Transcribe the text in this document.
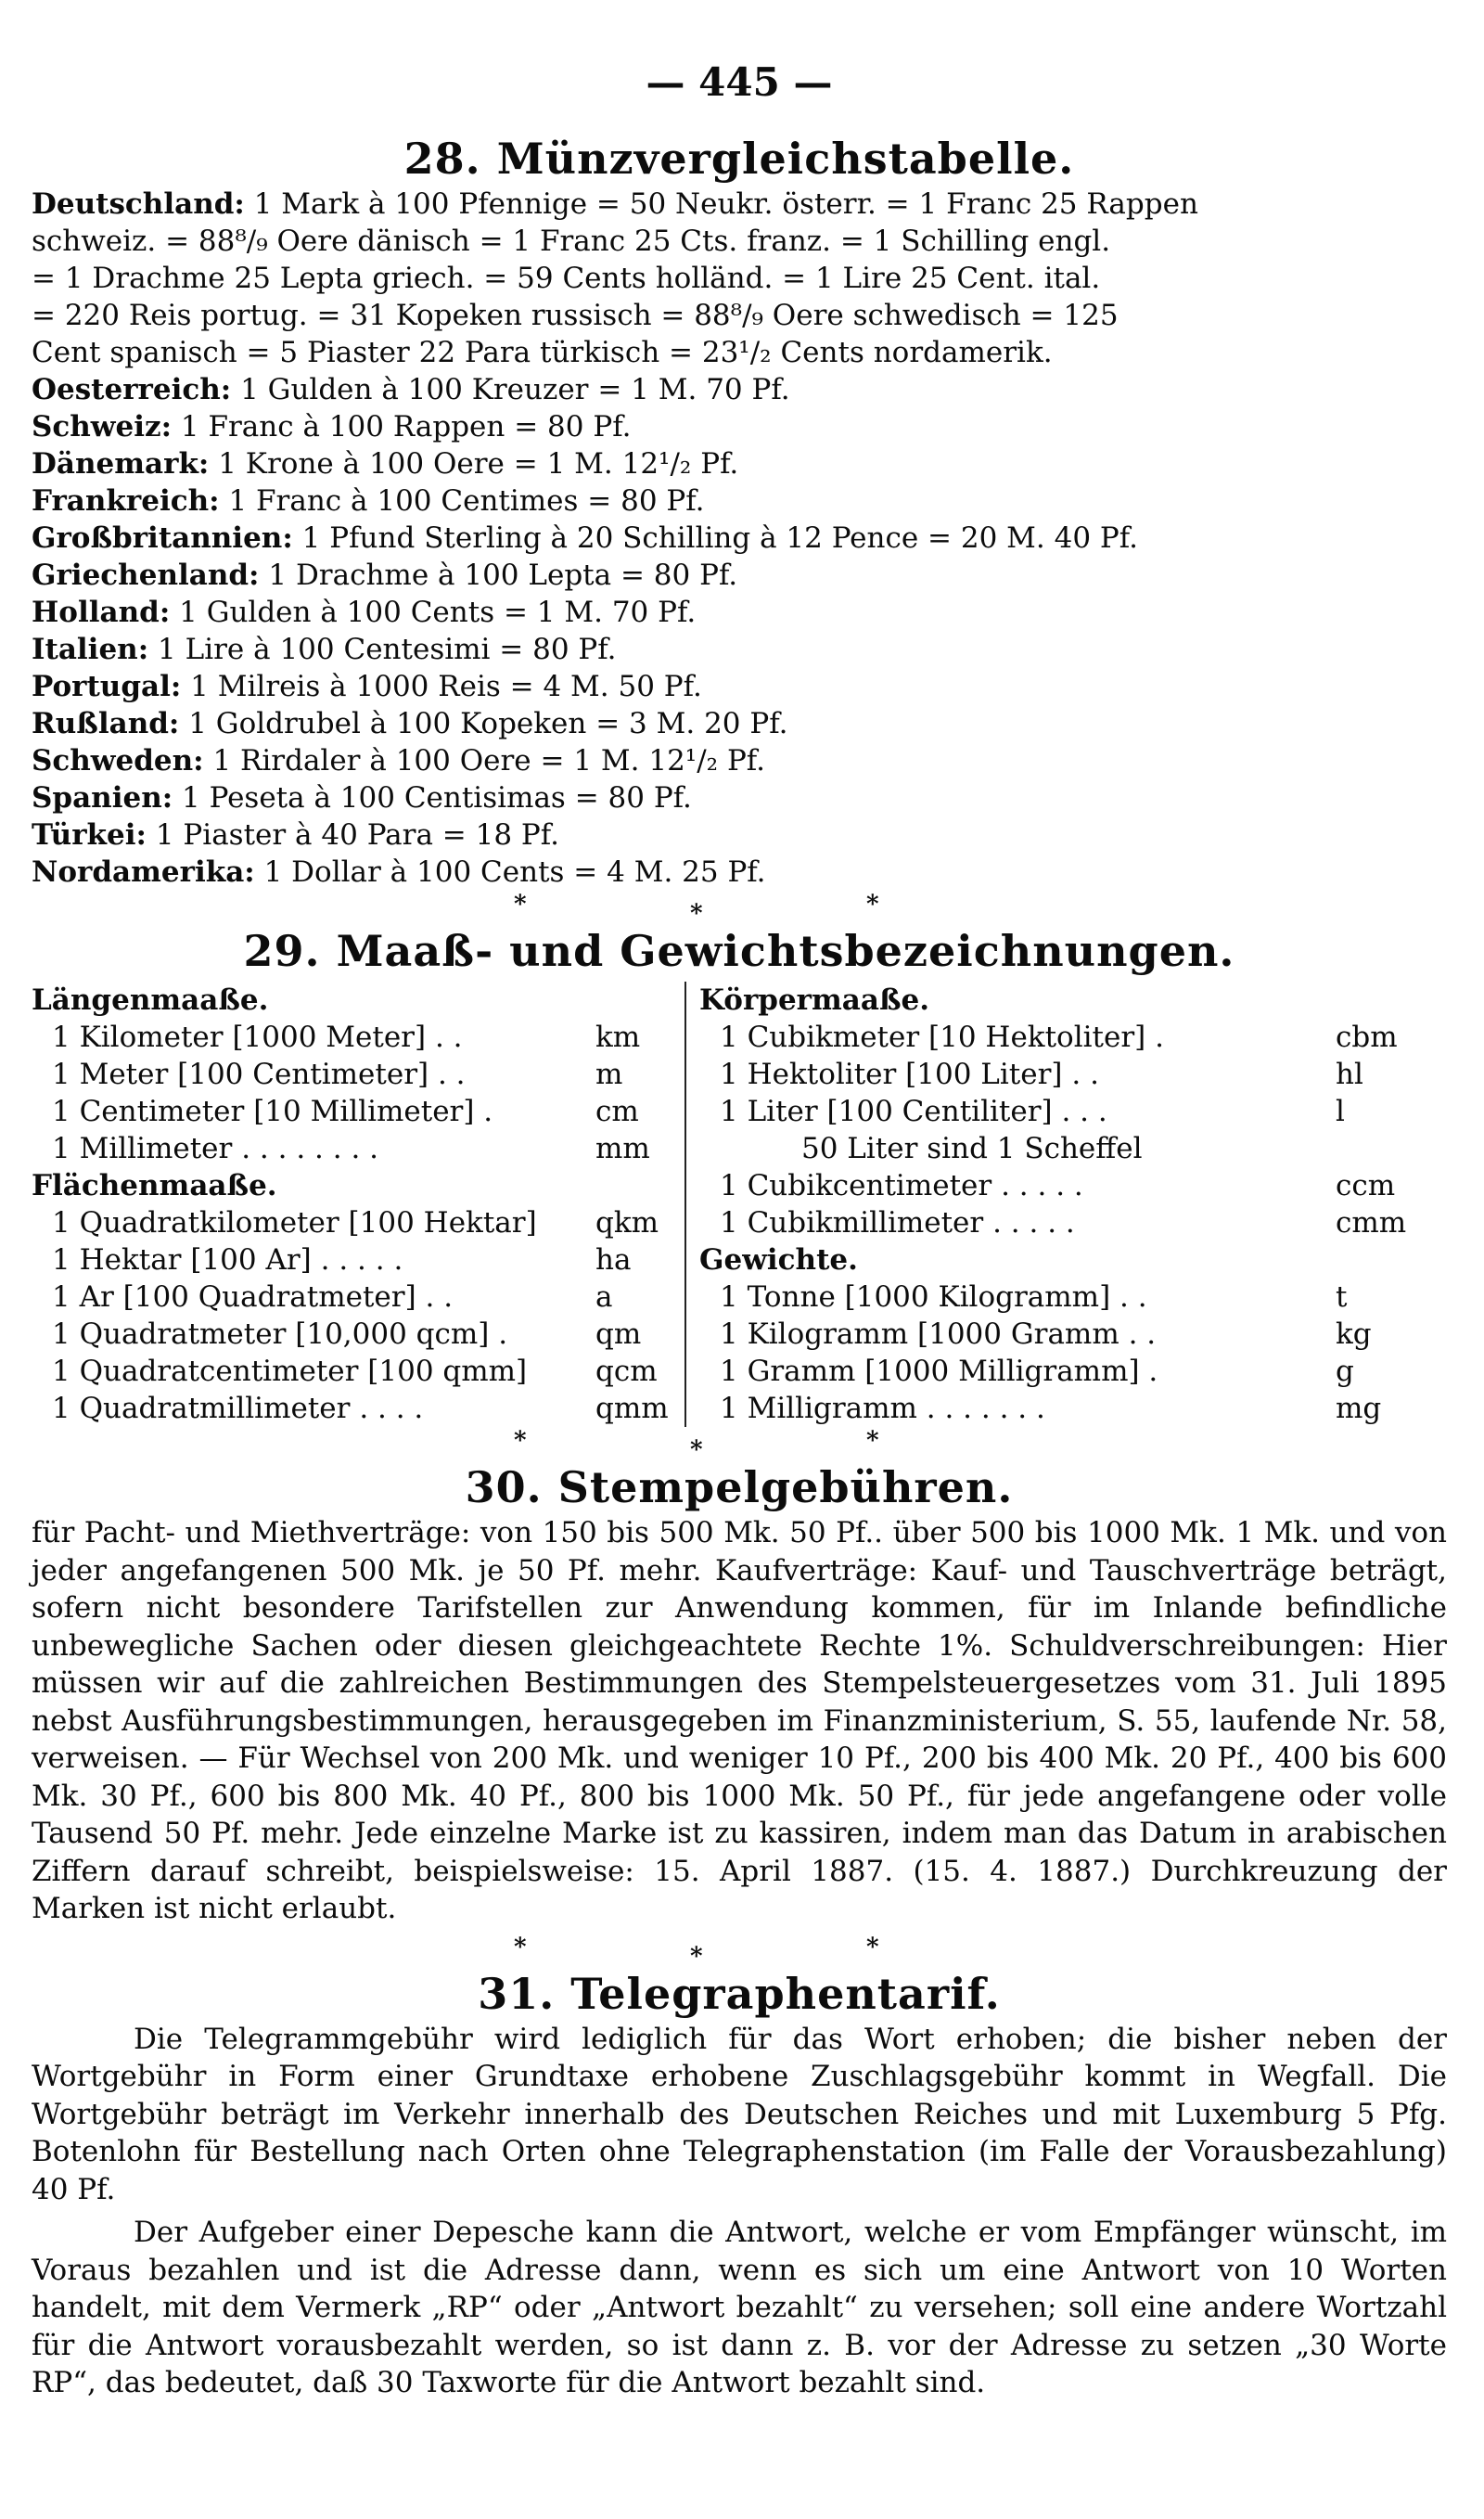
— 445 —
28. Münzvergleichstabelle.
Deutschland: 1 Mark à 100 Pfennige = 50 Neukr. österr. = 1 Franc 25 Rappen
schweiz. = 88⁸/₉ Oere dänisch = 1 Franc 25 Cts. franz. = 1 Schilling engl.
= 1 Drachme 25 Lepta griech. = 59 Cents holländ. = 1 Lire 25 Cent. ital.
= 220 Reis portug. = 31 Kopeken russisch = 88⁸/₉ Oere schwedisch = 125
Cent spanisch = 5 Piaster 22 Para türkisch = 23¹/₂ Cents nordamerik.
Oesterreich: 1 Gulden à 100 Kreuzer = 1 M. 70 Pf.
Schweiz: 1 Franc à 100 Rappen = 80 Pf.
Dänemark: 1 Krone à 100 Oere = 1 M. 12¹/₂ Pf.
Frankreich: 1 Franc à 100 Centimes = 80 Pf.
Großbritannien: 1 Pfund Sterling à 20 Schilling à 12 Pence = 20 M. 40 Pf.
Griechenland: 1 Drachme à 100 Lepta = 80 Pf.
Holland: 1 Gulden à 100 Cents = 1 M. 70 Pf.
Italien: 1 Lire à 100 Centesimi = 80 Pf.
Portugal: 1 Milreis à 1000 Reis = 4 M. 50 Pf.
Rußland: 1 Goldrubel à 100 Kopeken = 3 M. 20 Pf.
Schweden: 1 Rirdaler à 100 Oere = 1 M. 12¹/₂ Pf.
Spanien: 1 Peseta à 100 Centisimas = 80 Pf.
Türkei: 1 Piaster à 40 Para = 18 Pf.
Nordamerika: 1 Dollar à 100 Cents = 4 M. 25 Pf.
*	*	*
29. Maaß- und Gewichtsbezeichnungen.
Längenmaaße.
1 Kilometer [1000 Meter] . .	km
1 Meter [100 Centimeter] . .	m
1 Centimeter [10 Millimeter] .	cm
1 Millimeter . . . . . . . .	mm
Flächenmaaße.
1 Quadratkilometer [100 Hektar]	qkm
1 Hektar [100 Ar] . . . . .	ha
1 Ar [100 Quadratmeter] . .	a
1 Quadratmeter [10,000 qcm] .	qm
1 Quadratcentimeter [100 qmm]	qcm
1 Quadratmillimeter . . . .	qmm
Körpermaaße.
1 Cubikmeter [10 Hektoliter] .	cbm
1 Hektoliter [100 Liter] . .	hl
1 Liter [100 Centiliter] . . .	l
50 Liter sind 1 Scheffel
1 Cubikcentimeter . . . . .	ccm
1 Cubikmillimeter . . . . .	cmm
Gewichte.
1 Tonne [1000 Kilogramm] . .	t
1 Kilogramm [1000 Gramm . .	kg
1 Gramm [1000 Milligramm] .	g
1 Milligramm . . . . . . .	mg
*	*	*
30. Stempelgebühren.
für Pacht- und Miethverträge: von 150 bis 500 Mk. 50 Pf.. über 500 bis 1000 Mk. 1 Mk. und von jeder angefangenen 500 Mk. je 50 Pf. mehr. Kaufverträge: Kauf- und Tauschverträge beträgt, sofern nicht besondere Tarifstellen zur Anwendung kommen, für im Inlande befindliche unbewegliche Sachen oder diesen gleichgeachtete Rechte 1%. Schuldverschreibungen: Hier müssen wir auf die zahlreichen Bestimmungen des Stempelsteuergesetzes vom 31. Juli 1895 nebst Ausführungsbestimmungen, herausgegeben im Finanzministerium, S. 55, laufende Nr. 58, verweisen. — Für Wechsel von 200 Mk. und weniger 10 Pf., 200 bis 400 Mk. 20 Pf., 400 bis 600 Mk. 30 Pf., 600 bis 800 Mk. 40 Pf., 800 bis 1000 Mk. 50 Pf., für jede angefangene oder volle Tausend 50 Pf. mehr. Jede einzelne Marke ist zu kassiren, indem man das Datum in arabischen Ziffern darauf schreibt, beispielsweise: 15. April 1887. (15. 4. 1887.) Durchkreuzung der Marken ist nicht erlaubt.
*	*	*
31. Telegraphentarif.
Die Telegrammgebühr wird lediglich für das Wort erhoben; die bisher neben der Wortgebühr in Form einer Grundtaxe erhobene Zuschlagsgebühr kommt in Wegfall. Die Wortgebühr beträgt im Verkehr innerhalb des Deutschen Reiches und mit Luxemburg 5 Pfg. Botenlohn für Bestellung nach Orten ohne Telegraphenstation (im Falle der Vorausbezahlung) 40 Pf.
Der Aufgeber einer Depesche kann die Antwort, welche er vom Empfänger wünscht, im Voraus bezahlen und ist die Adresse dann, wenn es sich um eine Antwort von 10 Worten handelt, mit dem Vermerk „RP“ oder „Antwort bezahlt“ zu versehen; soll eine andere Wortzahl für die Antwort vorausbezahlt werden, so ist dann z. B. vor der Adresse zu setzen „30 Worte RP“, das bedeutet, daß 30 Taxworte für die Antwort bezahlt sind.
